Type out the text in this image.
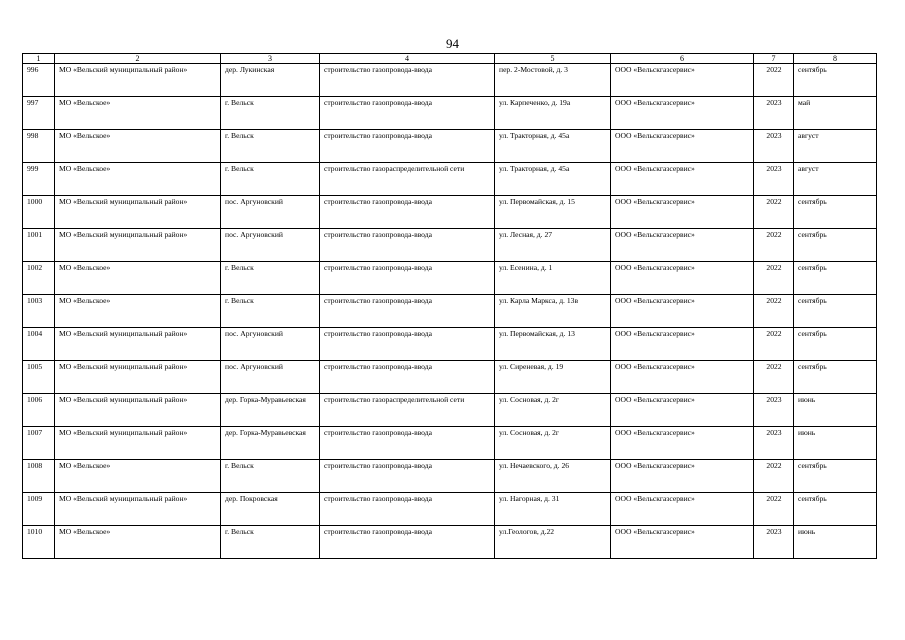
94
1	2	3	4	5	6	7	8
996	МО «Вельский муниципальный район»	дер. Лукинская	строительство газопровода-ввода	пер. 2-Мостовой, д. 3	ООО «Вельскгазсервис»	2022	сентябрь
997	МО «Вельское»	г. Вельск	строительство газопровода-ввода	ул. Карпеченко, д. 19а	ООО «Вельскгазсервис»	2023	май
998	МО «Вельское»	г. Вельск	строительство газопровода-ввода	ул. Тракторная, д. 45а	ООО «Вельскгазсервис»	2023	август
999	МО «Вельское»	г. Вельск	строительство газораспределительной сети	ул. Тракторная, д. 45а	ООО «Вельскгазсервис»	2023	август
1000	МО «Вельский муниципальный район»	пос. Аргуновский	строительство газопровода-ввода	ул. Первомайская, д. 15	ООО «Вельскгазсервис»	2022	сентябрь
1001	МО «Вельский муниципальный район»	пос. Аргуновский	строительство газопровода-ввода	ул. Лесная, д. 27	ООО «Вельскгазсервис»	2022	сентябрь
1002	МО «Вельское»	г. Вельск	строительство газопровода-ввода	ул. Есенина, д. 1	ООО «Вельскгазсервис»	2022	сентябрь
1003	МО «Вельское»	г. Вельск	строительство газопровода-ввода	ул. Карла Маркса, д. 13в	ООО «Вельскгазсервис»	2022	сентябрь
1004	МО «Вельский муниципальный район»	пос. Аргуновский	строительство газопровода-ввода	ул. Первомайская, д. 13	ООО «Вельскгазсервис»	2022	сентябрь
1005	МО «Вельский муниципальный район»	пос. Аргуновский	строительство газопровода-ввода	ул. Сиреневая, д. 19	ООО «Вельскгазсервис»	2022	сентябрь
1006	МО «Вельский муниципальный район»	дер. Горка-Муравьевская	строительство газораспределительной сети	ул. Сосновая, д. 2г	ООО «Вельскгазсервис»	2023	июнь
1007	МО «Вельский муниципальный район»	дер. Горка-Муравьевская	строительство газопровода-ввода	ул. Сосновая, д. 2г	ООО «Вельскгазсервис»	2023	июнь
1008	МО «Вельское»	г. Вельск	строительство газопровода-ввода	ул. Нечаевского, д. 26	ООО «Вельскгазсервис»	2022	сентябрь
1009	МО «Вельский муниципальный район»	дер. Покровская	строительство газопровода-ввода	ул. Нагорная, д. 31	ООО «Вельскгазсервис»	2022	сентябрь
1010	МО «Вельское»	г. Вельск	строительство газопровода-ввода	ул.Геологов, д.22	ООО «Вельскгазсервис»	2023	июнь
